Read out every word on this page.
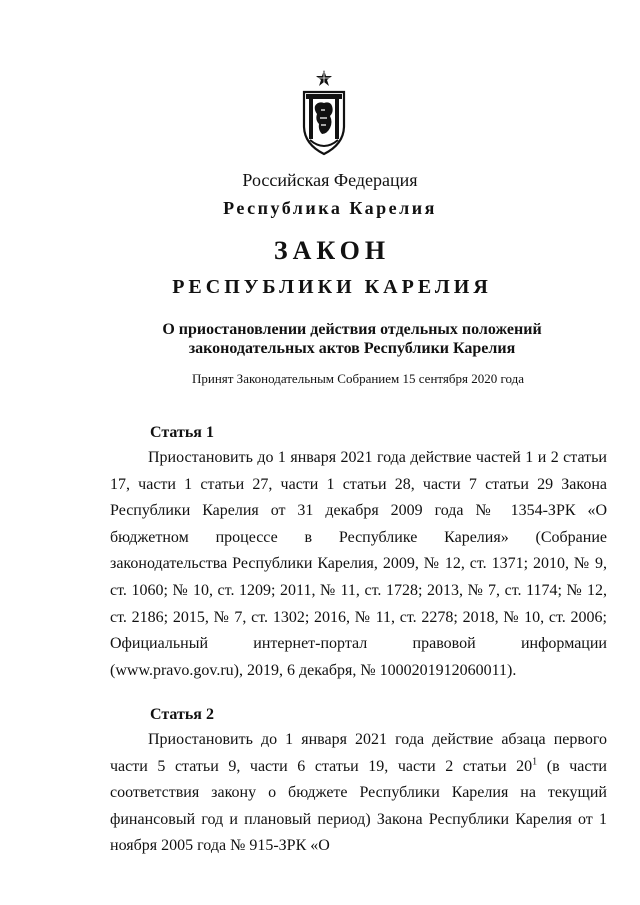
Российская Федерация
Республика Карелия
ЗАКОН
РЕСПУБЛИКИ КАРЕЛИЯ
О приостановлении действия отдельных положений
законодательных актов Республики Карелия
Принят Законодательным Собранием 15 сентября 2020 года
Статья 1

Приостановить до 1 января 2021 года действие частей 1 и 2 статьи 17, части 1 статьи 27, части 1 статьи 28, части 7 статьи 29 Закона Республики Карелия от 31 декабря 2009 года № 1354-ЗРК «О бюджетном процессе в Республике Карелия» (Собрание законодательства Республики Карелия, 2009, № 12, ст. 1371; 2010, № 9, ст. 1060; № 10, ст. 1209; 2011, № 11, ст. 1728; 2013, № 7, ст. 1174; № 12, ст. 2186; 2015, № 7, ст. 1302; 2016, № 11, ст. 2278; 2018, № 10, ст. 2006; Официальный интернет-портал правовой информации (www.pravo.gov.ru), 2019, 6 декабря, № 1000201912060011).

Статья 2

Приостановить до 1 января 2021 года действие абзаца первого части 5 статьи 9, части 6 статьи 19, части 2 статьи $20^1$ (в части соответствия закону о бюджете Республики Карелия на текущий финансовый год и плановый период) Закона Республики Карелия от 1 ноября 2005 года № 915-ЗРК «О
